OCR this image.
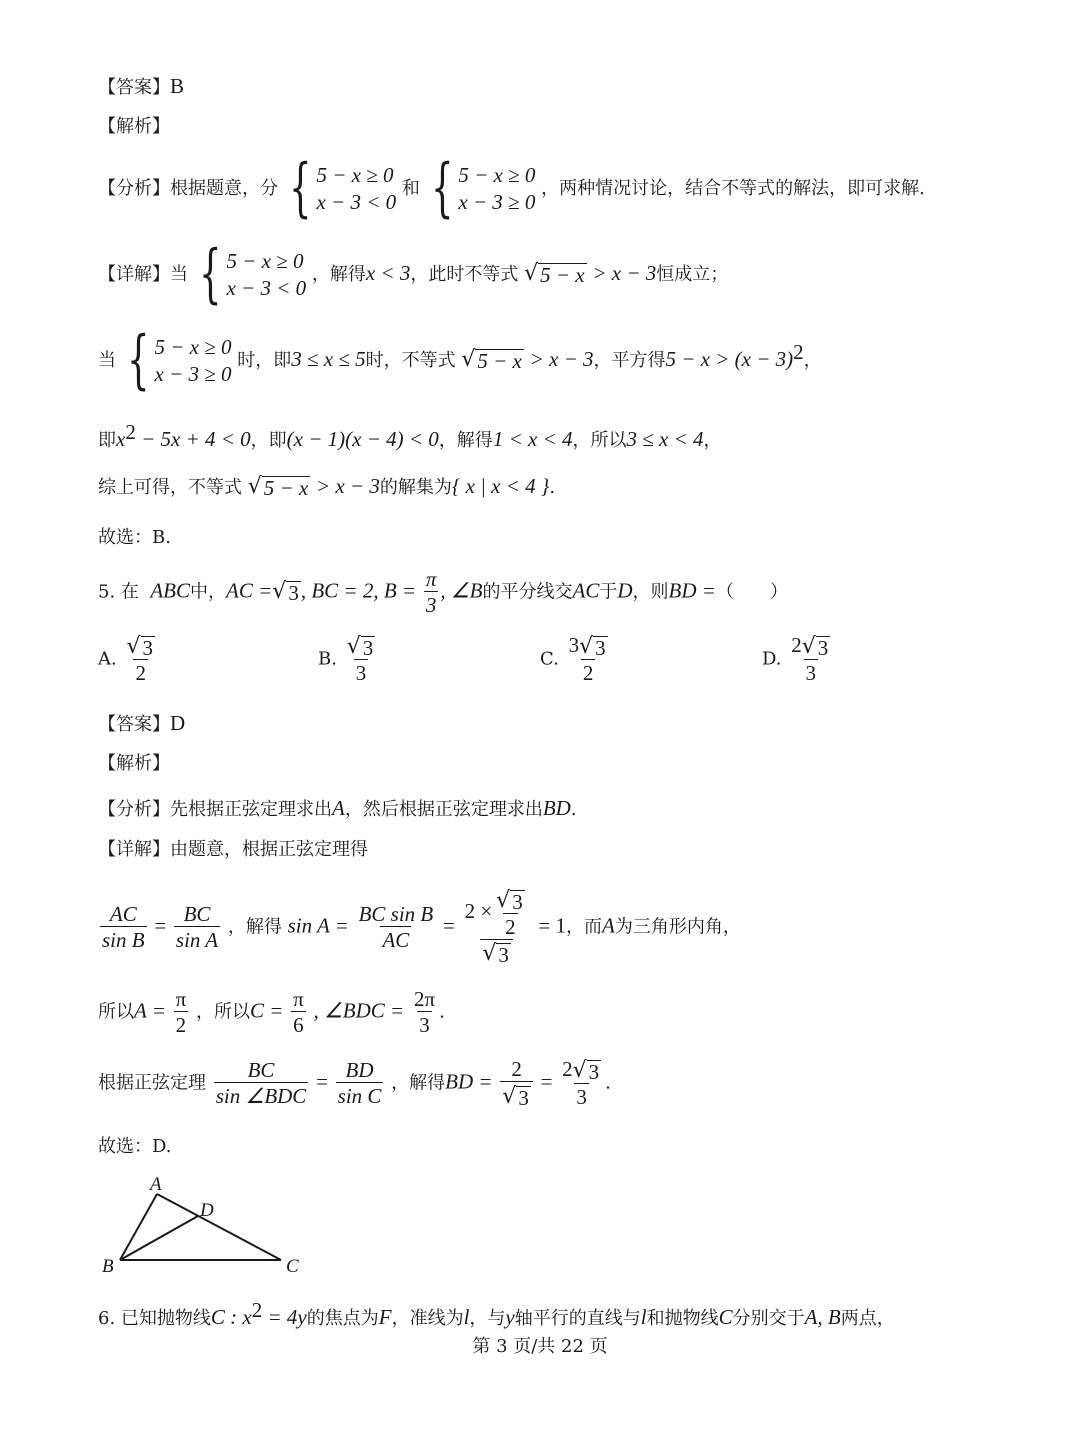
【答案】B
【解析】
【分析】根据题意，分 { 5 − x ≥ 0
x − 3 < 0
和 { 5 − x ≥ 0
x − 3 ≥ 0
，两种情况讨论，结合不等式的解法，即可求解.
【详解】当 { 5 − x ≥ 0
x − 3 < 0
，解得x < 3，此时不等式 √ 5 − x > x − 3恒成立；
当 { 5 − x ≥ 0
x − 3 ≥ 0
时，即3 ≤ x ≤ 5时，不等式 √ 5 − x > x − 3，平方得$5 - x > (x - 3)^2$，
即$x^2 - 5x + 4 < 0$，即(x − 1)(x − 4) < 0，解得1 < x < 4，所以3 ≤ x < 4，
综上可得，不等式 √ 5 − x > x − 3的解集为{ x | x < 4 }.
故选：B.
5. 在 ABC中，AC = √ 3 , BC = 2, $B = \frac{\pi}{3}$ , ∠B的平分线交AC于D，则BD =（　　）
A. $\frac{√ 3}{2}$	B. $\frac{√ 3}{3}$	C. $\frac{3 √ 3}{2}$	D. $\frac{2 √ 3}{3}$
【答案】D
【解析】
【分析】先根据正弦定理求出A，然后根据正弦定理求出BD.
【详解】由题意，根据正弦定理得
$\frac{AC}{\text{sin B}} = \frac{BC}{\text{sin A}}$ ，解得 $\sin A = \frac{\text{BC sin B}}{AC} = \frac{2 \times \frac{√ 3}{2}}{√ 3} = 1$，而A为三角形内角，
所以$A = \frac{\pi}{2}$ ，所以$C = \frac{\pi}{6}$ , ∠BDC = $\frac{2\pi}{3}$ .
根据正弦定理 $\frac{BC}{\text{sin ∠BDC}} = \frac{BD}{\text{sin C}}$ ，解得BD = $\frac{2}{√ 3} = \frac{2 √ 3}{3}$ .
故选：D.
A
D
B	C
6. 已知抛物线C : $x^2 = 4y$的焦点为F，准线为l，与y轴平行的直线与l和抛物线C分别交于A, B两点，
第 3 页/共 22 页
